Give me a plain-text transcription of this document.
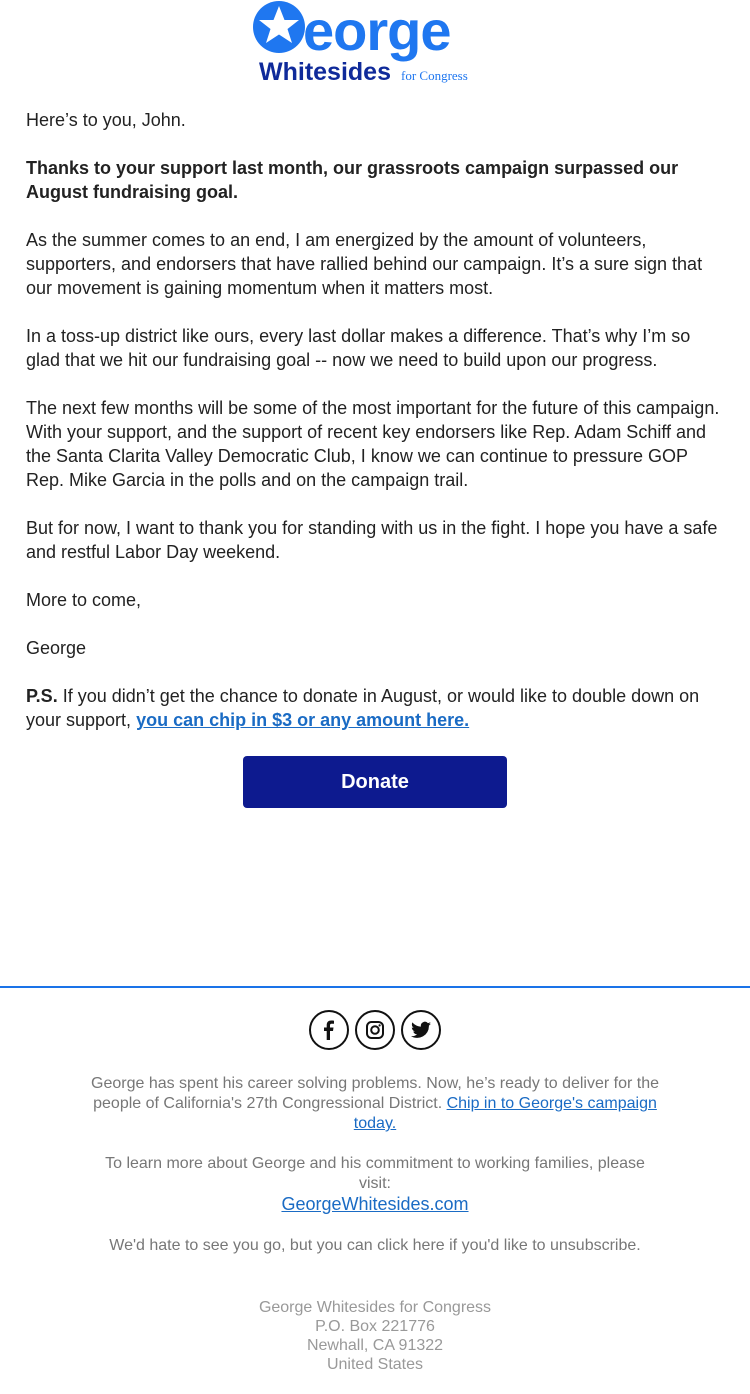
eorge
Whitesides for Congress

Here’s to you, John.

Thanks to your support last month, our grassroots campaign surpassed our August fundraising goal.

As the summer comes to an end, I am energized by the amount of volunteers, supporters, and endorsers that have rallied behind our campaign. It’s a sure sign that our movement is gaining momentum when it matters most.

In a toss-up district like ours, every last dollar makes a difference. That’s why I’m so glad that we hit our fundraising goal -- now we need to build upon our progress.

The next few months will be some of the most important for the future of this campaign. With your support, and the support of recent key endorsers like Rep. Adam Schiff and the Santa Clarita Valley Democratic Club, I know we can continue to pressure GOP Rep. Mike Garcia in the polls and on the campaign trail.

But for now, I want to thank you for standing with us in the fight. I hope you have a safe and restful Labor Day weekend.

More to come,

George

P.S. If you didn’t get the chance to donate in August, or would like to double down on your support, you can chip in $3 or any amount here.

Donate

George has spent his career solving problems. Now, he’s ready to deliver for the people of California's 27th Congressional District. Chip in to George's campaign today.

To learn more about George and his commitment to working families, please visit:
GeorgeWhitesides.com

We'd hate to see you go, but you can click here if you'd like to unsubscribe.

George Whitesides for Congress
P.O. Box 221776
Newhall, CA 91322
United States
